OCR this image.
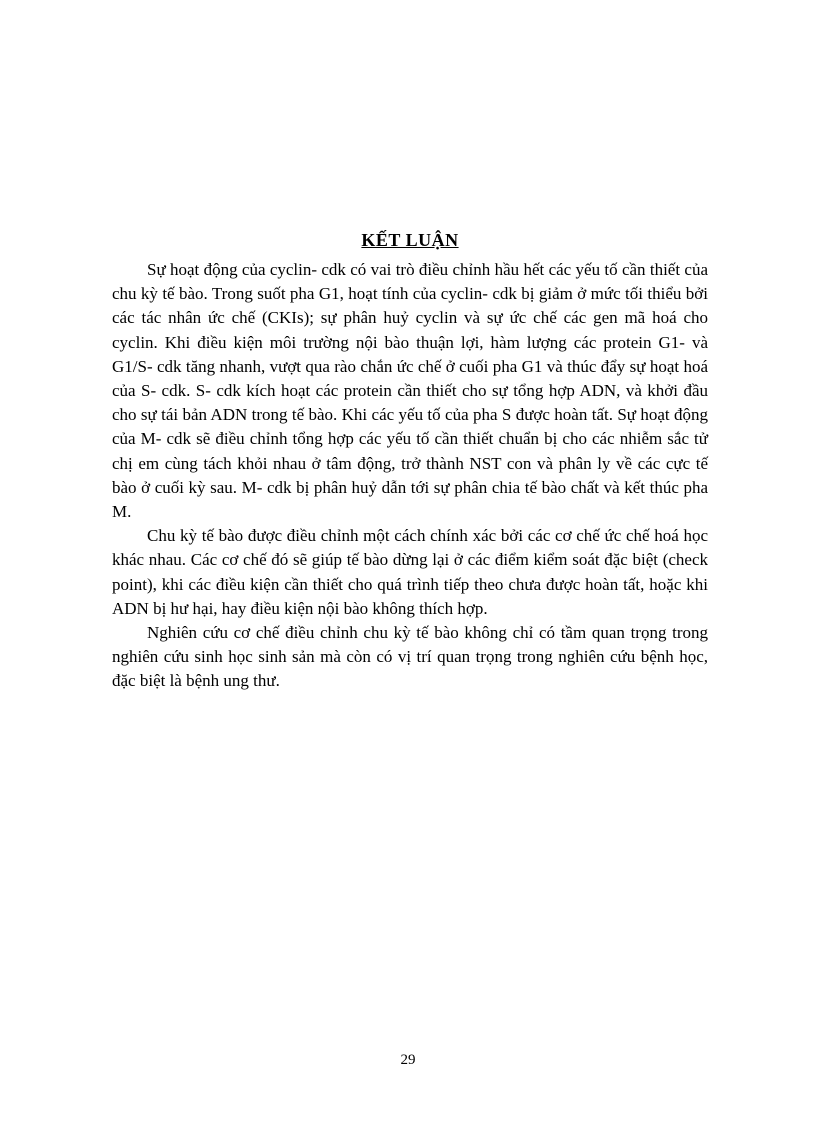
KẾT LUẬN

Sự hoạt động của cyclin- cdk có vai trò điều chỉnh hầu hết các yếu tố cần thiết của chu kỳ tế bào. Trong suốt pha G1, hoạt tính của cyclin- cdk bị giảm ở mức tối thiểu bởi các tác nhân ức chế (CKIs); sự phân huỷ cyclin và sự ức chế các gen mã hoá cho cyclin. Khi điều kiện môi trường nội bào thuận lợi, hàm lượng các protein G1- và G1/S- cdk tăng nhanh, vượt qua rào chắn ức chế ở cuối pha G1 và thúc đẩy sự hoạt hoá của S- cdk. S- cdk kích hoạt các protein cần thiết cho sự tổng hợp ADN, và khởi đầu cho sự tái bản ADN trong tế bào. Khi các yếu tố của pha S được hoàn tất. Sự hoạt động của M- cdk sẽ điều chỉnh tổng hợp các yếu tố cần thiết chuẩn bị cho các nhiễm sắc tử chị em cùng tách khỏi nhau ở tâm động, trở thành NST con và phân ly về các cực tế bào ở cuối kỳ sau. M- cdk bị phân huỷ dẫn tới sự phân chia tế bào chất và kết thúc pha M.

Chu kỳ tế bào được điều chỉnh một cách chính xác bởi các cơ chế ức chế hoá học khác nhau. Các cơ chế đó sẽ giúp tế bào dừng lại ở các điểm kiểm soát đặc biệt (check point), khi các điều kiện cần thiết cho quá trình tiếp theo chưa được hoàn tất, hoặc khi ADN bị hư hại, hay điều kiện nội bào không thích hợp.

Nghiên cứu cơ chế điều chỉnh chu kỳ tế bào không chỉ có tầm quan trọng trong nghiên cứu sinh học sinh sản mà còn có vị trí quan trọng trong nghiên cứu bệnh học, đặc biệt là bệnh ung thư.

29
